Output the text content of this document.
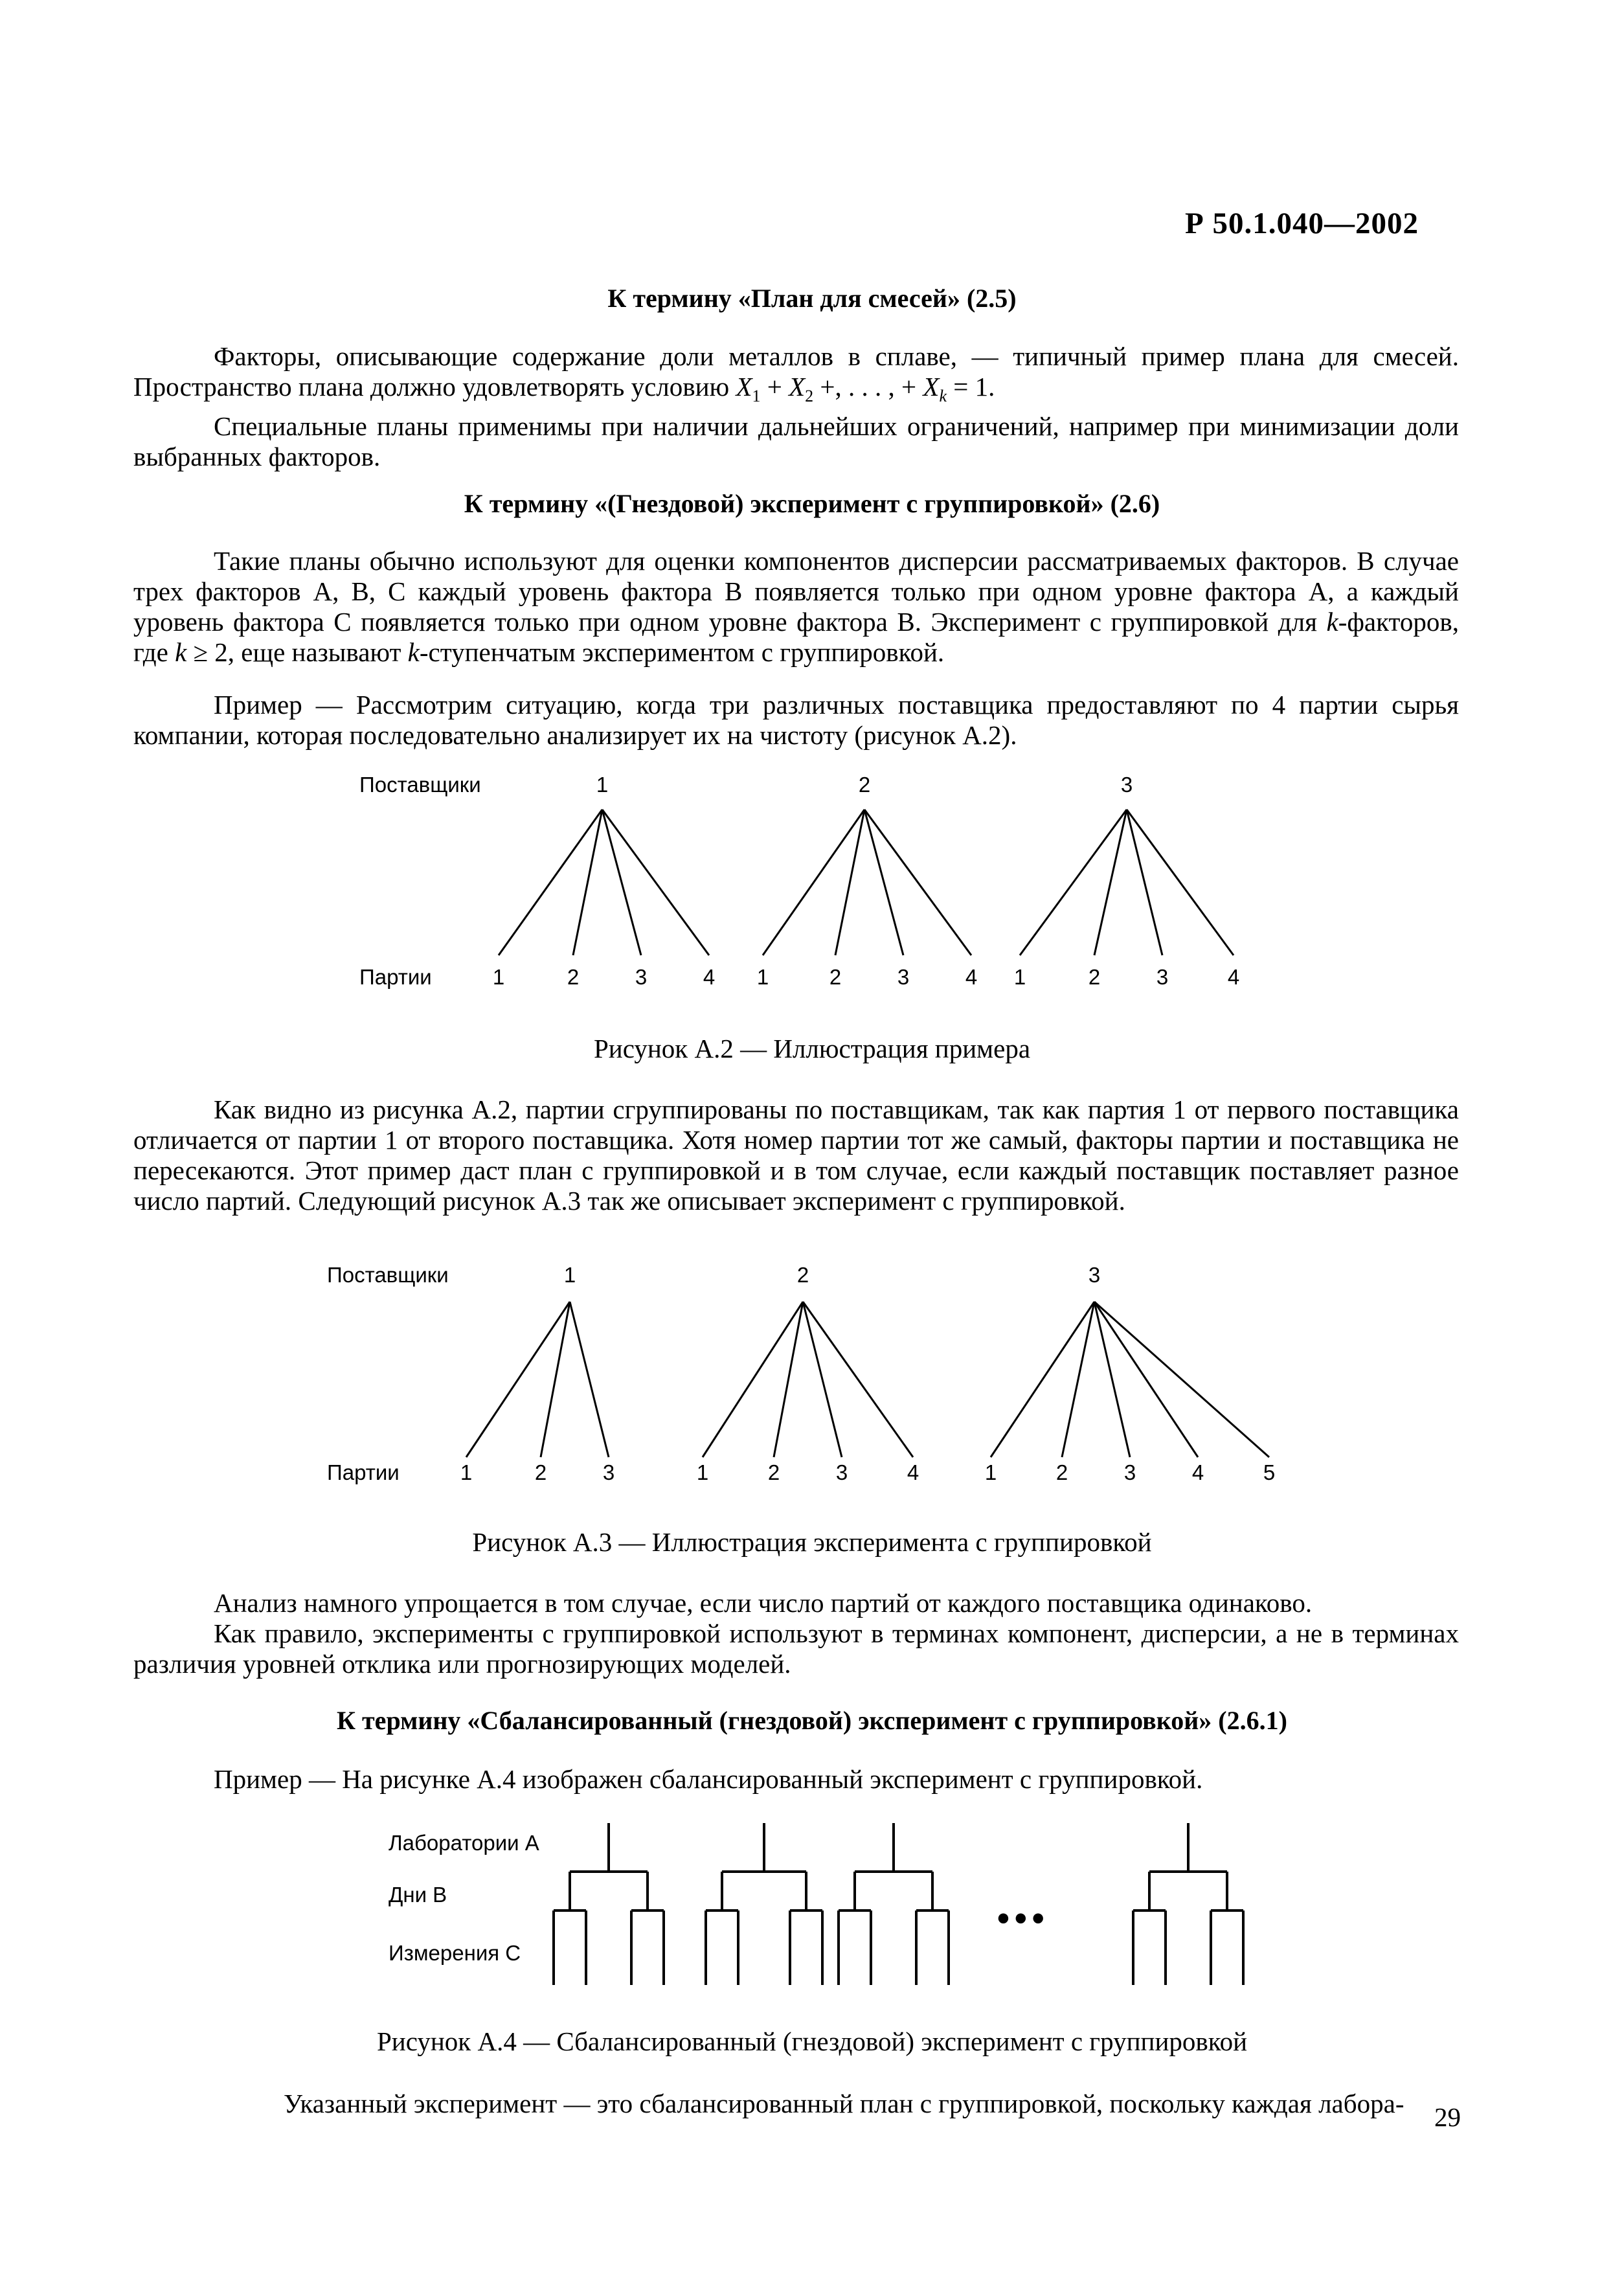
Р 50.1.040—2002
К термину «План для смесей» (2.5)

Факторы, описывающие содержание доли металлов в сплаве, — типичный пример плана для смесей. Пространство плана должно удовлетворять условию $X_1 + X_2$ +, . . . , + $X_k = 1$.

Специальные планы применимы при наличии дальнейших ограничений, например при минимизации доли выбранных факторов.

К термину «(Гнездовой) эксперимент с группировкой» (2.6)

Такие планы обычно используют для оценки компонентов дисперсии рассматриваемых факторов. В случае трех факторов А, В, С каждый уровень фактора В появляется только при одном уровне фактора А, а каждый уровень фактора С появляется только при одном уровне фактора В. Эксперимент с группировкой для k-факторов, где k ≥ 2, еще называют k-ступенчатым экспериментом с группировкой.

Пример — Рассмотрим ситуацию, когда три различных поставщика предоставляют по 4 партии сырья компании, которая последовательно анализирует их на чистоту (рисунок А.2).

Поставщики
Партии
1
1	2	3	4
2
1	2	3	4
3
1	2	3	4
Рисунок А.2 — Иллюстрация примера

Как видно из рисунка А.2, партии сгруппированы по поставщикам, так как партия 1 от первого поставщика отличается от партии 1 от второго поставщика. Хотя номер партии тот же самый, факторы партии и поставщика не пересекаются. Этот пример даст план с группировкой и в том случае, если каждый поставщик поставляет разное число партий. Следующий рисунок А.3 так же описывает эксперимент с группировкой.

Поставщики
Партии
1
1	2	3
2
1	2	3	4
3
1	2	3	4	5
Рисунок А.3 — Иллюстрация эксперимента с группировкой

Анализ намного упрощается в том случае, если число партий от каждого поставщика одинаково.

Как правило, эксперименты с группировкой используют в терминах компонент, дисперсии, а не в терминах различия уровней отклика или прогнозирующих моделей.

К термину «Сбалансированный (гнездовой) эксперимент с группировкой» (2.6.1)

Пример — На рисунке А.4 изображен сбалансированный эксперимент с группировкой.

Лаборатории А
Дни В
Измерения С
•••
Рисунок А.4 — Сбалансированный (гнездовой) эксперимент с группировкой

Указанный эксперимент — это сбалансированный план с группировкой, поскольку каждая лабора-	29
